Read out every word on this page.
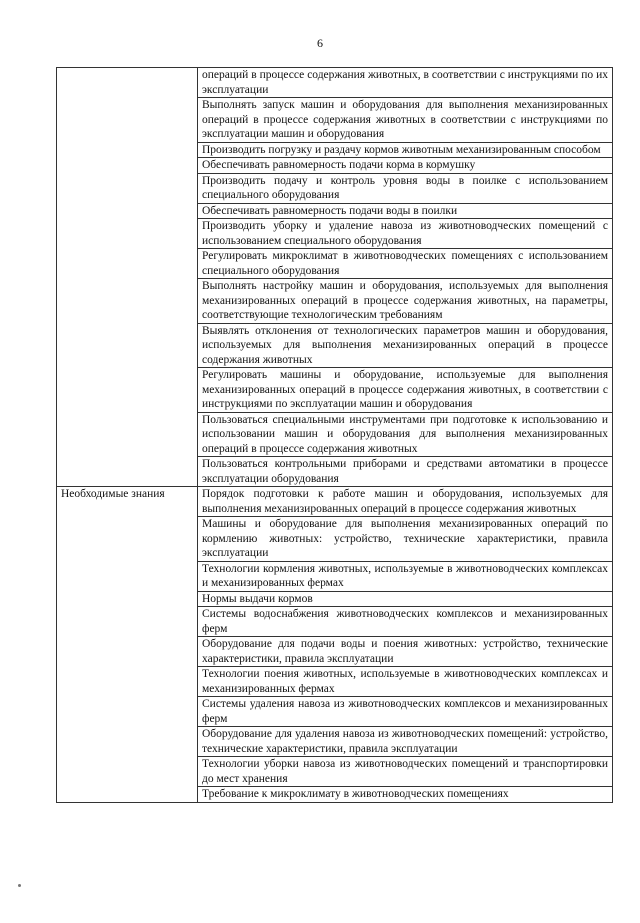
6
	операций в процессе содержания животных, в соответствии с инструкциями по их эксплуатации
	Выполнять запуск машин и оборудования для выполнения механизированных операций в процессе содержания животных в соответствии с инструкциями по эксплуатации машин и оборудования
	Производить погрузку и раздачу кормов животным механизированным способом
	Обеспечивать равномерность подачи корма в кормушку
	Производить подачу и контроль уровня воды в поилке с использованием специального оборудования
	Обеспечивать равномерность подачи воды в поилки
	Производить уборку и удаление навоза из животноводческих помещений с использованием специального оборудования
	Регулировать микроклимат в животноводческих помещениях с использованием специального оборудования
	Выполнять настройку машин и оборудования, используемых для выполнения механизированных операций в процессе содержания животных, на параметры, соответствующие технологическим требованиям
	Выявлять отклонения от технологических параметров машин и оборудования, используемых для выполнения механизированных операций в процессе содержания животных
	Регулировать машины и оборудование, используемые для выполнения механизированных операций в процессе содержания животных, в соответствии с инструкциями по эксплуатации машин и оборудования
	Пользоваться специальными инструментами при подготовке к использованию и использовании машин и оборудования для выполнения механизированных операций в процессе содержания животных
	Пользоваться контрольными приборами и средствами автоматики в процессе эксплуатации оборудования
Необходимые знания	Порядок подготовки к работе машин и оборудования, используемых для выполнения механизированных операций в процессе содержания животных
	Машины и оборудование для выполнения механизированных операций по кормлению животных: устройство, технические характеристики, правила эксплуатации
	Технологии кормления животных, используемые в животноводческих комплексах и механизированных фермах
	Нормы выдачи кормов
	Системы водоснабжения животноводческих комплексов и механизированных ферм
	Оборудование для подачи воды и поения животных: устройство, технические характеристики, правила эксплуатации
	Технологии поения животных, используемые в животноводческих комплексах и механизированных фермах
	Системы удаления навоза из животноводческих комплексов и механизированных ферм
	Оборудование для удаления навоза из животноводческих помещений: устройство, технические характеристики, правила эксплуатации
	Технологии уборки навоза из животноводческих помещений и транспортировки до мест хранения
	Требование к микроклимату в животноводческих помещениях
